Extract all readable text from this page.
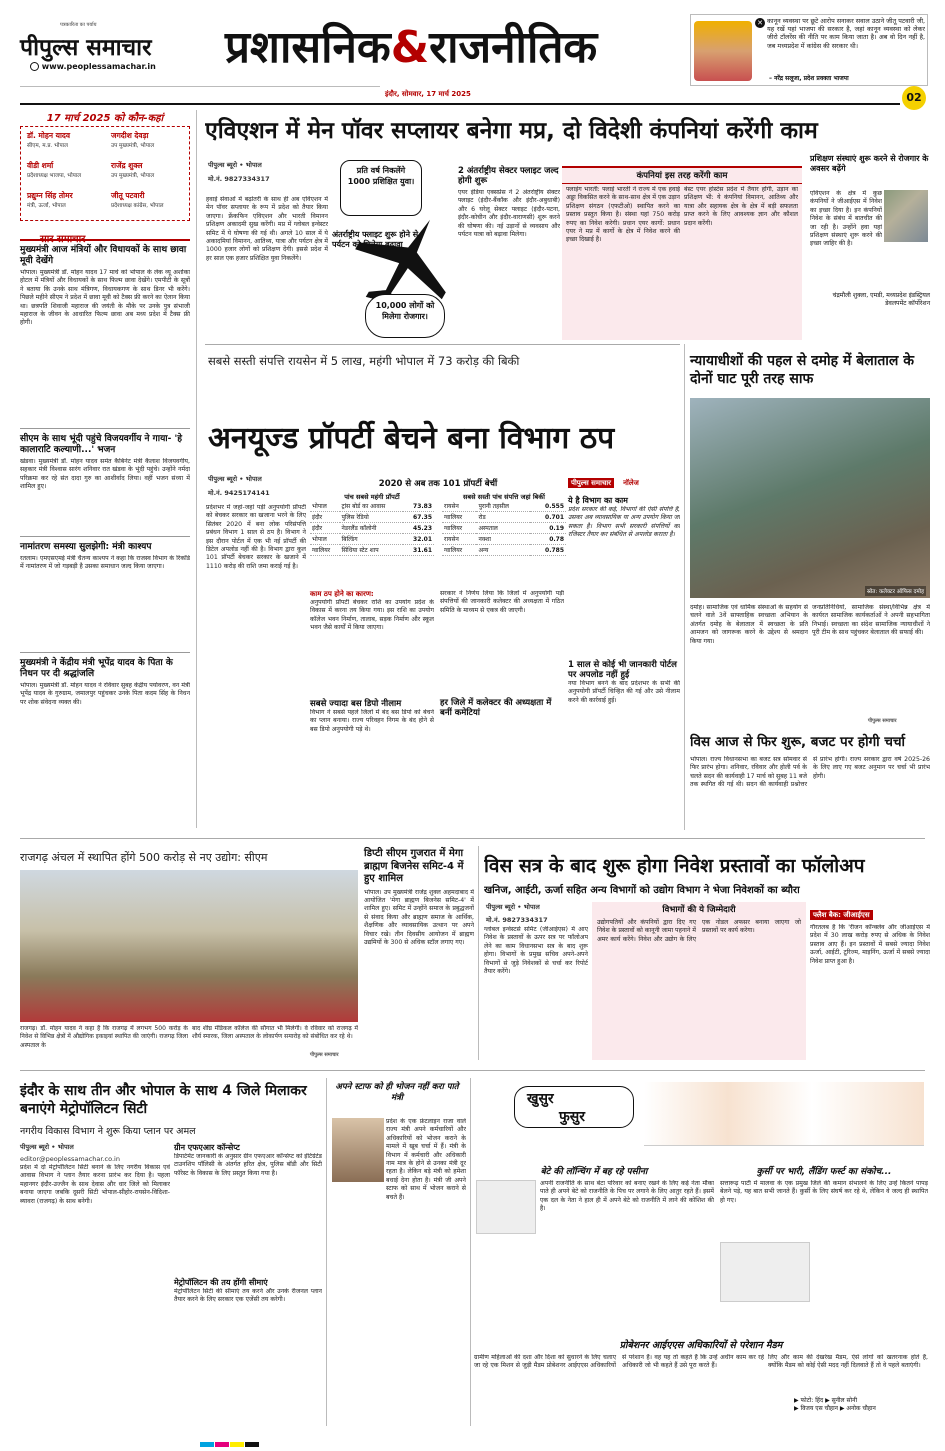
पत्रकारिता का पर्याय
पीपुल्स समाचार
www.peoplessamachar.in प्रशासनिक&राजनीतिक	✕ कानून व्यवस्था पर छूटे आरोप सनाकर सवाल उठाने जीतू पटवारी जी, यह रखें यहां भाजपा की सरकार है, जहां कानून व्यवस्था को लेकर जीरो टॉलरेंस की नीति पर काम किया जाता है। अब वो दिन नहीं है, जब मध्यप्रदेश में कांग्रेस की सरकार थी।
– नरेंद्र सलूजा, प्रदेश प्रवक्ता भाजपा
इंदौर, सोमवार, 17 मार्च 2025	02
17 मार्च 2025 को कौन-कहां
डॉ. मोहन यादव
सीएम, म.प्र. भोपाल
जगदीश देवड़ा
उप मुख्यमंत्री, भोपाल
वीडी शर्मा
प्रदेशाध्यक्ष भाजपा, भोपाल
राजेंद्र शुक्ल
उप मुख्यमंत्री, भोपाल
प्रद्युम्न सिंह तोमर
मंत्री, ऊर्जा, भोपाल
जीतू पटवारी
प्रदेशाध्यक्ष कांग्रेस, भोपाल
सार समाचार
मुख्यमंत्री आज मंत्रियों और विधायकों के साथ छावा मूवी देखेंगे
भोपाल। मुख्यमंत्री डॉ. मोहन यादव 17 मार्च को भोपाल के लेक व्यू अशोका होटल में मंत्रियों और विधायकों के साथ फिल्म छावा देखेंगे। एमपीटी के सूत्रों ने बताया कि उनके साथ मंत्रिगण, विधायकगण के साथ डिनर भी करेंगे। पिछले महीने सीएम ने प्रदेश में छावा मूवी को टैक्स फ्री करने का ऐलान किया था। छत्रपति शिवाजी महाराज की जयंती के मौके पर उनके पुत्र संभाजी महाराज के जीवन के आधारित फिल्म छावा अब मध्य प्रदेश में टैक्स फ्री होगी।
सीएम के साथ भूंदी पहुंचे विजयवर्गीय ने गाया- 'हे कालाराटि कल्याणी...' भजन
खंडवा। मुख्यमंत्री डॉ. मोहन यादव समेत कैबिनेट मंत्री कैलाश विजयवर्गीय, सहकार मंत्री विश्वास सारंग शनिवार रात खंडवा के भूंदी पहुंचे। उन्होंने नर्मदा परिक्रमा कर रहे संत दादा गुरु का आशीर्वाद लिया। वहीं भजन संध्या में शामिल हुए।
नामांतरण समस्या सुलझेगी: मंत्री काश्यप
रतलाम। एमएसएमई मंत्री चैतन्य काश्यप ने कहा कि राजस्व विभाग के रिकॉर्ड में नामांतरण में जो गड़बड़ी है उसका समाधान जल्द किया जाएगा।
मुख्यमंत्री ने केंद्रीय मंत्री भूपेंद्र यादव के पिता के निधन पर दी श्रद्धांजलि
भोपाल। मुख्यमंत्री डॉ. मोहन यादव ने रविवार सुबह केंद्रीय पर्यावरण, वन मंत्री भूपेंद्र यादव के गुरुग्राम, जमालपुर पहुंचकर उनके पिता कदम सिंह के निधन पर शोक संवेदना व्यक्त की।
एविएशन में मेन पॉवर सप्लायर बनेगा मप्र, दो विदेशी कंपनियां करेंगी काम
पीपुल्स ब्यूरो • भोपाल
मो.नं. 9827334317
हवाई सेवाओं में बढ़ोतरी के साथ ही अब एविएशन में मेन पॉवर सप्लायर के रूप में प्रदेश को तैयार किया जाएगा। फ्रेंकफिन एविएशन और भारती विमानन प्रशिक्षण अकादमी सुख करेंगी। मप्र में ग्लोबल इन्वेस्टर समिट में ये घोषणा की गई थी। अगले 10 साल में ये अकादमियां विमानन, आतिथ्य, यात्रा और पर्यटन क्षेत्र में 1000 हजार लोगों को प्रशिक्षण देंगी। इससे प्रदेश में हर साल एक हजार प्रशिक्षित युवा निकलेंगे।
प्रति वर्ष निकलेंगे 1000 प्रशिक्षित युवा।
अंतर्राष्ट्रीय फ्लाइट शुरू होने से पर्यटन को मिलेगा बढ़ावा
10,000 लोगों को मिलेगा रोजगार।
2 अंतर्राष्ट्रीय सेक्टर फ्लाइट जल्द होगी शुरू
एयर इंडिया एक्सप्रेस ने 2 अंतर्राष्ट्रीय सेक्टर फ्लाइट (इंदौर-बैंकॉक और इंदौर-अबुधाबी) और 6 घरेलू सेक्टर फ्लाइट (इंदौर-पटना, इंदौर-कोचीन और इंदौर-वाराणसी) शुरू करने की घोषणा की। नई उड़ानों से व्यवसाय और पर्यटन यात्रा को बढ़ावा मिलेगा।
कंपनियां इस तरह करेंगी काम
फ्लाइंग भारती: फ्लाई भारती ने राज्य में एक हवाई अड्डा विकसित करने के साथ-साथ क्षेत्र में एक उड़ान प्रशिक्षण संगठन (एफटीओ) स्थापित करने का प्रस्ताव प्रस्तुत किया है। संस्था यहां 750 करोड़ रुपए का निवेश करेगी। प्रधान एयर कार्गो: प्रधान एयर ने मप्र में कार्गो के क्षेत्र में निवेश करने की इच्छा दिखाई है।
बेस्ट एयर होस्टेस प्रदेश में तैयार होंगी, उड़ान का प्रशिक्षण भी: ये कंपनियां विमानन, आतिथ्य और यात्रा और सहायक क्षेत्र के क्षेत्र में बड़ी सफलता प्राप्त करने के लिए आवश्यक ज्ञान और कौशल प्रदान करेंगी।
प्रशिक्षण संस्थाएं शुरू करने से रोजगार के अवसर बढ़ेंगे
एविएशन के क्षेत्र में कुछ कंपनियों ने जीआईएस में निवेश का इच्छा दिया है। इन कंपनियों निवेश के संबंध में बातचीत की जा रही है। उन्होंने हवा यहां प्रशिक्षण संस्थाएं शुरू करने की इच्छा जाहिर की है।
चंद्रमौली शुक्ला, एमडी, मध्यप्रदेश इंडस्ट्रियल डेवलपमेंट कॉर्पोरेशन
सबसे सस्ती संपत्ति रायसेन में 5 लाख, महंगी भोपाल में 73 करोड़ की बिकी
अनयूज्ड प्रॉपर्टी बेचने बना विभाग ठप
पीपुल्स ब्यूरो • भोपाल
मो.नं. 9425174141
प्रदेशभर में जहां-जहां पड़ी अनुपयोगी प्रॉपर्टी को बेचकर सरकार का खजाना भरने के लिए सितंबर 2020 में बना लोक परिसंपत्ति प्रबंधन विभाग 1 साल से ठप है। विभाग ने इस दौरान पोर्टल में एक भी नई प्रॉपर्टी की डिटेल अपलोड नहीं की है। विभाग द्वारा कुल 101 प्रॉपर्टी बेचकर सरकार के खजाने में 1110 करोड़ की राशि जमा कराई गई है।
2020 से अब तक 101 प्रॉपर्टी बेचीं
पांच सबसे महंगी प्रॉपर्टी
भोपाल	ट्रांस बोर्ड का आवास	73.83
इंदौर	पुलिस रेडियो	67.35
इंदौर	नेडरलैंड कॉलोनी	45.23
भोपाल	बिल्डिंग	32.01
ग्वालियर	सिंधिया स्टेट शाप	31.61
सबसे सस्ती पांच संपत्ति जहां बिकीं
रायसेन	पुरानी तहसील	0.555
ग्वालियर	रोड	0.701
ग्वालियर	अस्पताल	0.19
रायसेन	नक्शा	0.78
ग्वालियर	अन्य	0.785
काम ठप होने का कारण:
अनुपयोगी प्रॉपर्टी बेचकर राशि का उपयोग प्रदेश के विकास में करना तय किया गया। इस राशि का उपयोग कॉलेज भवन निर्माण, तालाब, सड़क निर्माण और स्कूल भवन जैसे कार्यों में किया जाएगा।
सरकार ने निर्णय लिया कि जिलों में अनुपयोगी पड़ी संपत्तियों की जानकारी कलेक्टर की अध्यक्षता में गठित समिति के माध्यम से एकत्र की जाएगी।
सबसे ज्यादा बस डिपो नीलाम
विभाग ने सबसे पहले जिलों में बंद बस डिपो को बेचने का प्लान बनाया। राज्य परिवहन निगम के बंद होने से बस डिपो अनुपयोगी पड़े थे।
हर जिले में कलेक्टर की अध्यक्षता में बनीं कमेटियां
पीपुल्स समाचार नॉलेज
ये है विभाग का काम
प्रदेश सरकार की कई, विभागों की ऐसी संपत्ति है, उसका अब व्यावसायिक या अन्य उपयोग किया जा सकता है। विभाग सभी सरकारी संपत्तियों का रजिस्टर तैयार कर संबंधित से अपलोड कराता है।
1 साल से कोई भी जानकारी पोर्टल पर अपलोड नहीं हुई
नया विभाग बनने के बाद प्रदेशभर के सभी की अनुपयोगी प्रॉपर्टी चिन्हित की गई और उसे नीलाम करने की कार्रवाई हुई।
न्यायाधीशों की पहल से दमोह में बेलाताल के दोनों घाट पूरी तरह साफ
स्रोत: कलेक्टर ऑफिस दमोह
दमोह। सामाजिक एवं धार्मिक संस्थाओं के सहयोग से चलने वाले 3वें साफ्ताहिक स्वच्छता अभियान के अंतर्गत दमोह के बेलाताल में स्वच्छता के प्रति आमजन को जागरूक करने के उद्देश्य से श्रमदान किया गया।
जनप्रतिनिधियों, सामाजिक संस्था/विभिन्न क्षेत्र में कार्यरत सामाजिक कार्यकर्ताओं ने अपनी सहभागिता निभाई। स्वच्छता का संदेश सामाजिक न्यायाधीशों ने पूरी टीम के साथ पहुंचकर बेलाताल की सफाई की।
पीपुल्स समाचार
विस आज से फिर शुरू, बजट पर होगी चर्चा
भोपाल। राज्य विधानसभा का बजट सत्र सोमवार से फिर प्रारंभ होगा। शनिवार, रविवार और होली पर्व के चलते सदन की कार्यवाही 17 मार्च को सुबह 11 बजे तक स्थगित की गई थी। सदन की कार्यवाही प्रश्नोत्तर से प्रारंभ होगी। राज्य सरकार द्वारा वर्ष 2025-26 के लिए लाए गए बजट अनुमान पर चर्चा भी प्रारंभ होगी।
राजगढ़ अंचल में स्थापित होंगे 500 करोड़ से नए उद्योग: सीएम
राजगढ़। डॉ. मोहन यादव ने कहा है कि राजगढ़ में लगभग 500 करोड़ के निवेश से विभिन्न क्षेत्रों में औद्योगिक इकाइयां स्थापित की जाएंगी। राजगढ़ जिला अस्पताल के
बाद शीघ्र मेडिकल कॉलेज की सौगात भी मिलेगी। वे रविवार को राजगढ़ में शौर्य स्मारक, जिला अस्पताल के लोकार्पण समारोह को संबोधित कर रहे थे।
पीपुल्स समाचार
डिप्टी सीएम गुजरात में मेगा ब्राह्मण बिजनेस समिट-4 में हुए शामिल
भोपाल। उप मुख्यमंत्री राजेंद्र शुक्ल अहमदाबाद में आयोजित 'मेगा ब्राह्मण बिजनेस समिट-4' में शामिल हुए। समिट में उन्होंने समाज के प्रबुद्धजनों से संवाद किया और ब्राह्मण समाज के आर्थिक, शैक्षणिक और व्यावसायिक उत्थान पर अपने विचार रखे। तीन दिवसीय आयोजन में ब्राह्मण उद्यमियों के 300 से अधिक स्टॉल लगाए गए।
विस सत्र के बाद शुरू होगा निवेश प्रस्तावों का फॉलोअप
खनिज, आईटी, ऊर्जा सहित अन्य विभागों को उद्योग विभाग ने भेजा निवेशकों का ब्यौरा
पीपुल्स ब्यूरो • भोपाल
मो.नं. 9827334317
ग्लोबल इन्वेस्टर्स समिट (जीआईएस) में आए निवेश के प्रस्तावों के ऊपर सत्र पर फॉलोअप लेने का काम विधानसभा सत्र के बाद शुरू होगा। विभागों के प्रमुख सचिव अपने-अपने विभागों से जुड़े निवेशकों से चर्चा कर रिपोर्ट तैयार करेंगे।
विभागों की ये जिम्मेदारी
उद्योगपतियों और कंपनियों द्वारा दिए गए निवेश के प्रस्तावों को कानूनी जामा पहनाने में अमर कार्य करेंगे। निवेश और उद्योग के लिए एक नोडल अफसर बनाया जाएगा जो प्रस्तावों पर कार्य करेगा।
फ्लैश बैक: जीआईएस
गौरतलब है कि 'रीजन कॉन्क्लेव और जीआईएस में प्रदेश में 30 लाख करोड़ रुपए से अधिक के निवेश प्रस्ताव आए हैं। इन प्रस्तावों में सबसे ज्यादा निवेश ऊर्जा, आईटी, टूरिज्म, माइनिंग, ऊर्जा में सबसे ज्यादा निवेश प्राप्त हुआ है।
इंदौर के साथ तीन और भोपाल के साथ 4 जिले मिलाकर बनाएंगे मेट्रोपॉलिटन सिटी
नगरीय विकास विभाग ने शुरू किया प्लान पर अमल
पीपुल्स ब्यूरो • भोपाल
editor@peoplessamachar.co.in
प्रदेश में दो मेट्रोपॉलिटन सिटी बनाने के लिए नगरीय विकास एवं आवास विभाग ने प्लान तैयार करना प्रारंभ कर दिया है। पहला महानगर इंदौर-उज्जैन के साथ देवास और धार जिले को मिलाकर बनाया जाएगा जबकि दूसरी सिटी भोपाल-सीहोर-रायसेन-विदिशा-ब्यावरा (राजगढ़) के साथ बनेगी।
ग्रीन एफएआर कॉन्सेप्ट
डिपार्टमेंट जानकारी के अनुसार ग्रीन एफएआर कॉन्सेप्ट को इंटिग्रेटेड टाउनशिप पॉलिसी के अंतर्गत हरित क्षेत्र, पुलिस बॉडी और सिटी फॉरेस्ट के विकास के लिए प्रस्तुत किया गया है।
मेट्रोपॉलिटन की तय होंगी सीमाएं
मेट्रोपॉलिटन सिटी की सीमाएं तय करने और उनके रीजनल प्लान तैयार करने के लिए सरकार एक एजेंसी तय करेगी।
अपने स्टाफ को ही भोजन नहीं करा पाते मंत्री
प्रदेश के एक फ्रंटलाइन राजा वाले राज्य मंत्री अपने कर्मचारियों और अधिकारियों को भोजन कराने के मामले में खूब चर्चा में हैं। मंत्री के विभाग में कर्मचारी और अधिकारी नाम मात्र के होने से उनका मंत्री दूर रहता है। लेकिन बड़े मंत्री को हमेशा बधाई देना होता है। मंत्री जी अपने स्टाफ को साथ में भोजन कराने से बचते हैं।
खुसुर
फुसुर
बेटे की लॉन्चिंग में बह रहे पसीना
अपनी राजनीति के साथ बेटा परिवार को बनाए रखने के लिए कई नेता मौका पाते ही अपने बेटे को राजनीति के पिच पर लगाने के लिए आतुर रहते हैं। इसमें एक दल के नेता ने हाल ही में अपने बेटे को राजनीति में लाने की कोशिश की है।
कुर्सी पर भारी, लैंडिंग फर्स्ट का संकोच...
सत्तारूढ़ पार्टी में मालवा के एक प्रमुख जिले की कमान संभालने के लिए उन्हें कितने पापड़ बेलने पड़े, यह बात सभी जानते हैं। कुर्सी के लिए संघर्ष कर रहे थे, लेकिन वे जल्द ही स्थापित हो गए।
प्रोबेशनर आईएएस अधिकारियों से परेशान मैडम
ग्रामीण महिलाओं की दशा और दिशा को सुधारने के लिए चलाए जा रहे एक मिशन से जुड़ी मैडम प्रोबेशनर आईएएस अधिकारियों से परेशान हैं। वह यह तो कहते हैं कि उन्हें अधीन काम कर रहे अधिकारी जो भी कहते हैं उसे पूरा करते हैं।
लिए और काम की देखरेख मैडम, ऐसे लोगों को खतरनाक होते हैं, क्योंकि मैडम को कोई ऐसी मदद नहीं दिलवाते हैं तो वे पहले बताएंगी।
▶ फोटो: हिंद ▶ सुनील सोनी
▶ विजय एस चौहान ▶ अनोक चौहान
